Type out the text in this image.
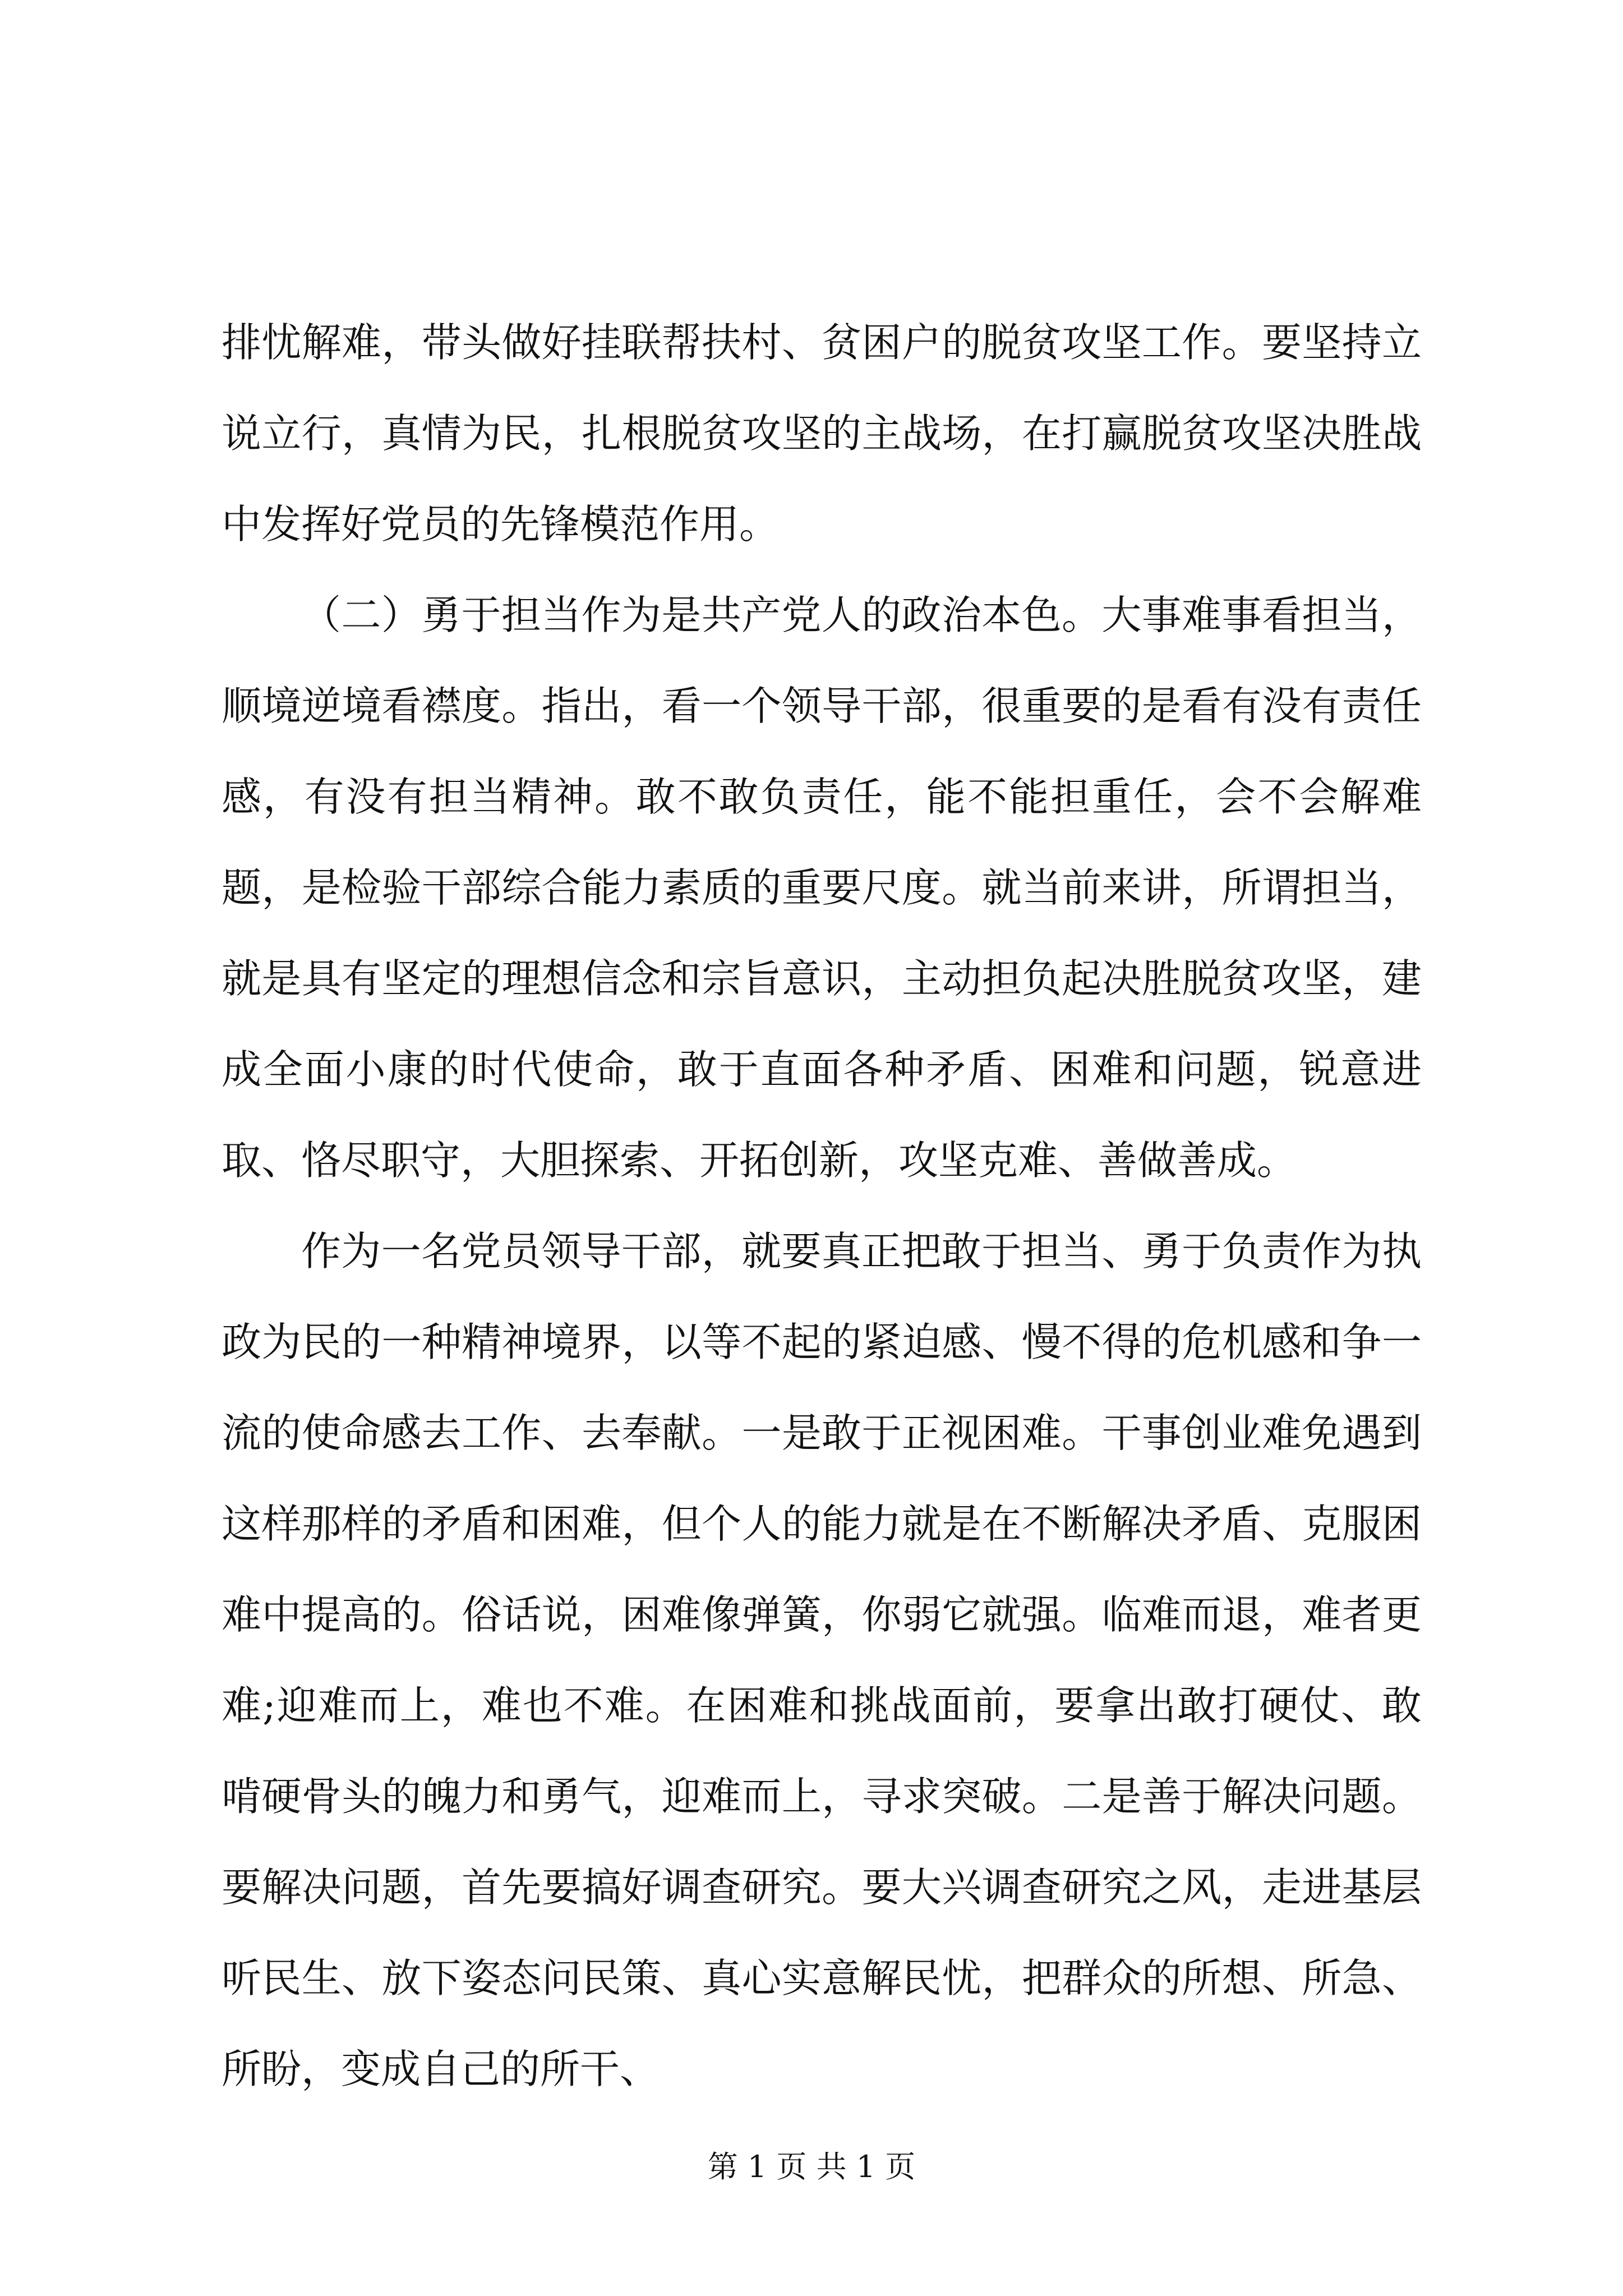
排忧解难，带头做好挂联帮扶村、贫困户的脱贫攻坚工作。要坚持立说立行，真情为民，扎根脱贫攻坚的主战场，在打赢脱贫攻坚决胜战中发挥好党员的先锋模范作用。

（二）勇于担当作为是共产党人的政治本色。大事难事看担当，顺境逆境看襟度。指出，看一个领导干部，很重要的是看有没有责任感，有没有担当精神。敢不敢负责任，能不能担重任，会不会解难题，是检验干部综合能力素质的重要尺度。就当前来讲，所谓担当，就是具有坚定的理想信念和宗旨意识，主动担负起决胜脱贫攻坚，建成全面小康的时代使命，敢于直面各种矛盾、困难和问题，锐意进取、恪尽职守，大胆探索、开拓创新，攻坚克难、善做善成。

作为一名党员领导干部，就要真正把敢于担当、勇于负责作为执政为民的一种精神境界，以等不起的紧迫感、慢不得的危机感和争一流的使命感去工作、去奉献。一是敢于正视困难。干事创业难免遇到这样那样的矛盾和困难，但个人的能力就是在不断解决矛盾、克服困难中提高的。俗话说，困难像弹簧，你弱它就强。临难而退，难者更难;迎难而上，难也不难。在困难和挑战面前，要拿出敢打硬仗、敢啃硬骨头的魄力和勇气，迎难而上，寻求突破。二是善于解决问题。要解决问题，首先要搞好调查研究。要大兴调查研究之风，走进基层听民生、放下姿态问民策、真心实意解民忧，把群众的所想、所急、所盼，变成自己的所干、

第 1 页 共 1 页
